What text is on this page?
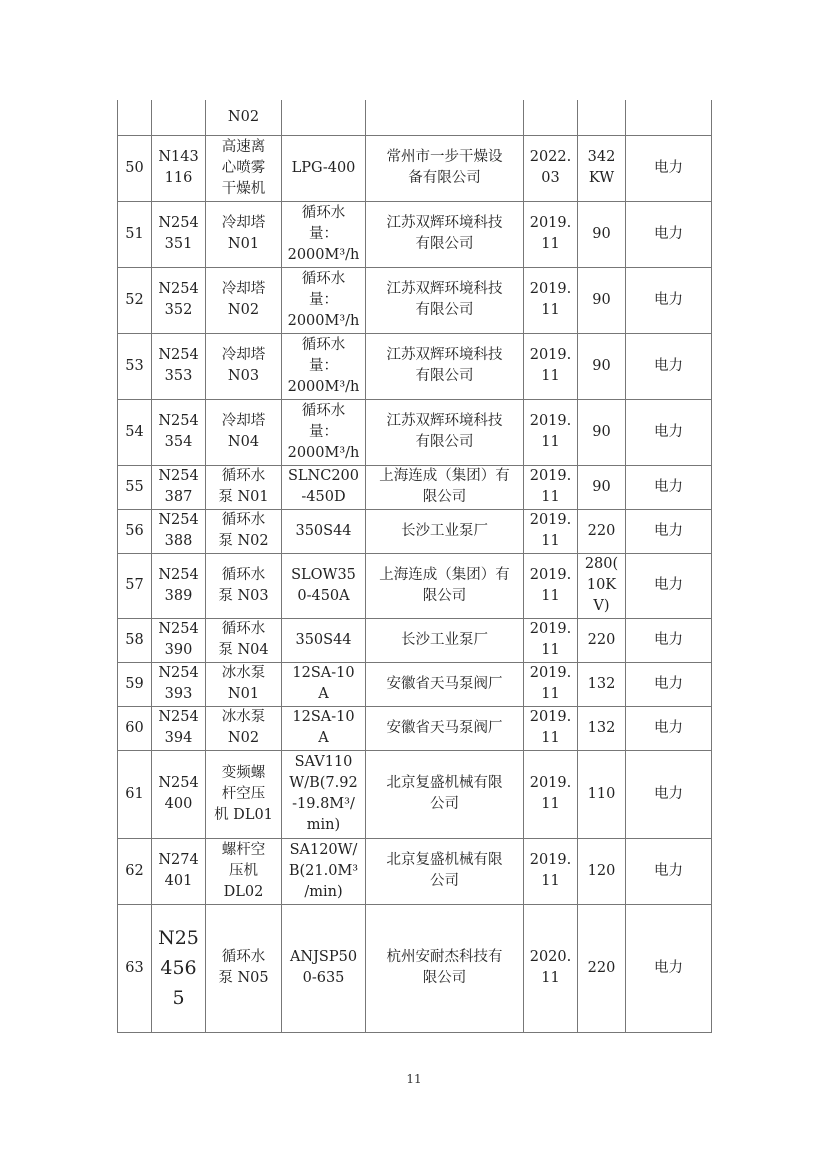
		N02					
50	N143
116	高速离
心喷雾
干燥机	LPG-400	常州市一步干燥设
备有限公司	2022.
03	342
KW	电力
51	N254
351	冷却塔
N01	循环水
量：
2000M³/h	江苏双辉环境科技
有限公司	2019.
11	90	电力
52	N254
352	冷却塔
N02	循环水
量：
2000M³/h	江苏双辉环境科技
有限公司	2019.
11	90	电力
53	N254
353	冷却塔
N03	循环水
量：
2000M³/h	江苏双辉环境科技
有限公司	2019.
11	90	电力
54	N254
354	冷却塔
N04	循环水
量：
2000M³/h	江苏双辉环境科技
有限公司	2019.
11	90	电力
55	N254
387	循环水
泵 N01	SLNC200
-450D	上海连成（集团）有
限公司	2019.
11	90	电力
56	N254
388	循环水
泵 N02	350S44	长沙工业泵厂	2019.
11	220	电力
57	N254
389	循环水
泵 N03	SLOW35
0-450A	上海连成（集团）有
限公司	2019.
11	280(
10K
V)	电力
58	N254
390	循环水
泵 N04	350S44	长沙工业泵厂	2019.
11	220	电力
59	N254
393	冰水泵
N01	12SA-10
A	安徽省天马泵阀厂	2019.
11	132	电力
60	N254
394	冰水泵
N02	12SA-10
A	安徽省天马泵阀厂	2019.
11	132	电力
61	N254
400	变频螺
杆空压
机 DL01	SAV110
W/B(7.92
-19.8M³/
min)	北京复盛机械有限
公司	2019.
11	110	电力
62	N274
401	螺杆空
压机
DL02	SA120W/
B(21.0M³
/min)	北京复盛机械有限
公司	2019.
11	120	电力
63	N25
456
5	循环水
泵 N05	ANJSP50
0-635	杭州安耐杰科技有
限公司	2020.
11	220	电力
11
